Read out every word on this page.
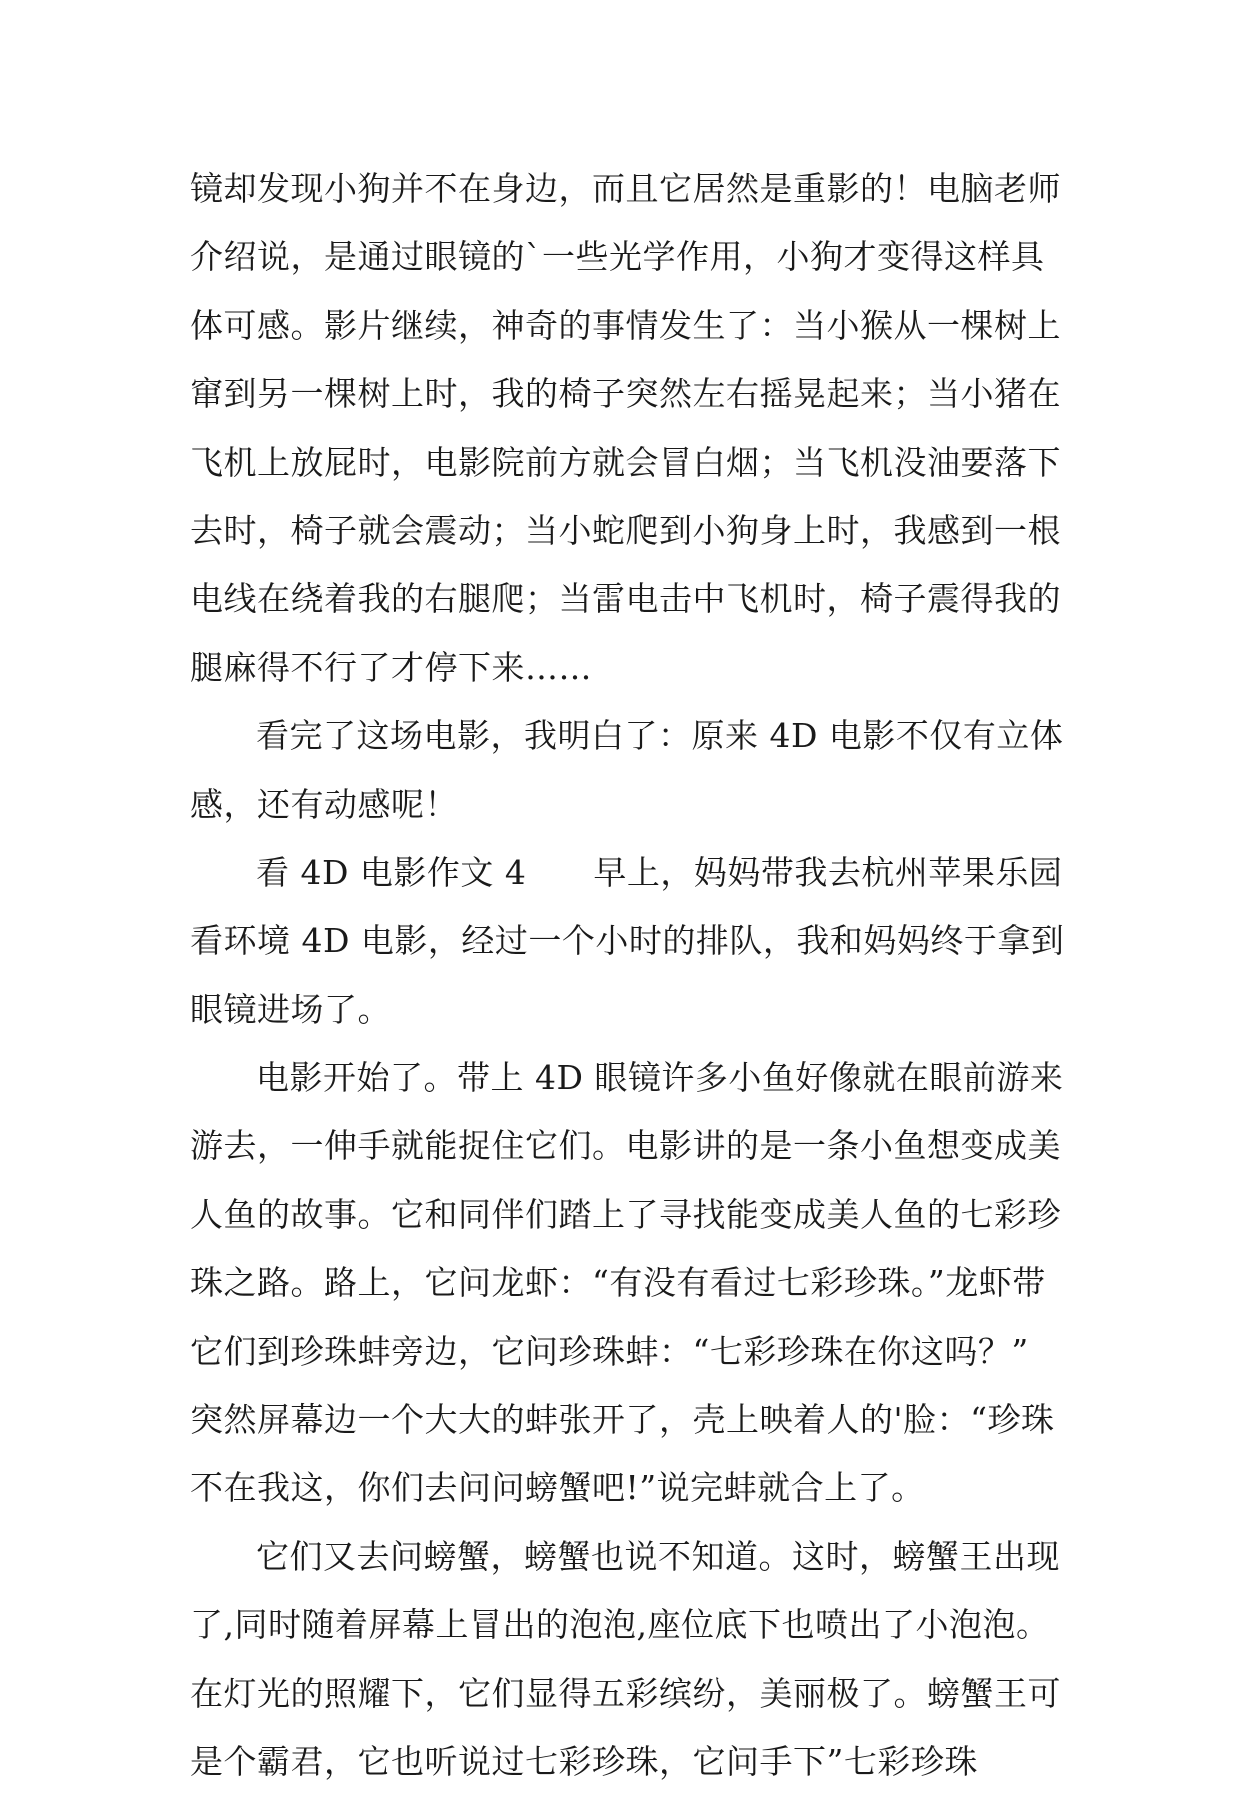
镜却发现小狗并不在身边，而且它居然是重影的！电脑老师
介绍说，是通过眼镜的`一些光学作用，小狗才变得这样具
体可感。影片继续，神奇的事情发生了：当小猴从一棵树上
窜到另一棵树上时，我的椅子突然左右摇晃起来；当小猪在
飞机上放屁时，电影院前方就会冒白烟；当飞机没油要落下
去时，椅子就会震动；当小蛇爬到小狗身上时，我感到一根
电线在绕着我的右腿爬；当雷电击中飞机时，椅子震得我的
腿麻得不行了才停下来……
看完了这场电影，我明白了：原来 4D 电影不仅有立体
感，还有动感呢！
看 4D 电影作文 4　　早上，妈妈带我去杭州苹果乐园
看环境 4D 电影，经过一个小时的排队，我和妈妈终于拿到
眼镜进场了。
电影开始了。带上 4D 眼镜许多小鱼好像就在眼前游来
游去，一伸手就能捉住它们。电影讲的是一条小鱼想变成美
人鱼的故事。它和同伴们踏上了寻找能变成美人鱼的七彩珍
珠之路。路上，它问龙虾：“有没有看过七彩珍珠。”龙虾带
它们到珍珠蚌旁边，它问珍珠蚌：“七彩珍珠在你这吗？”
突然屏幕边一个大大的蚌张开了，壳上映着人的'脸：“珍珠
不在我这，你们去问问螃蟹吧!”说完蚌就合上了。
它们又去问螃蟹，螃蟹也说不知道。这时，螃蟹王出现
了,同时随着屏幕上冒出的泡泡,座位底下也喷出了小泡泡。
在灯光的照耀下，它们显得五彩缤纷，美丽极了。螃蟹王可
是个霸君，它也听说过七彩珍珠，它问手下”七彩珍珠
